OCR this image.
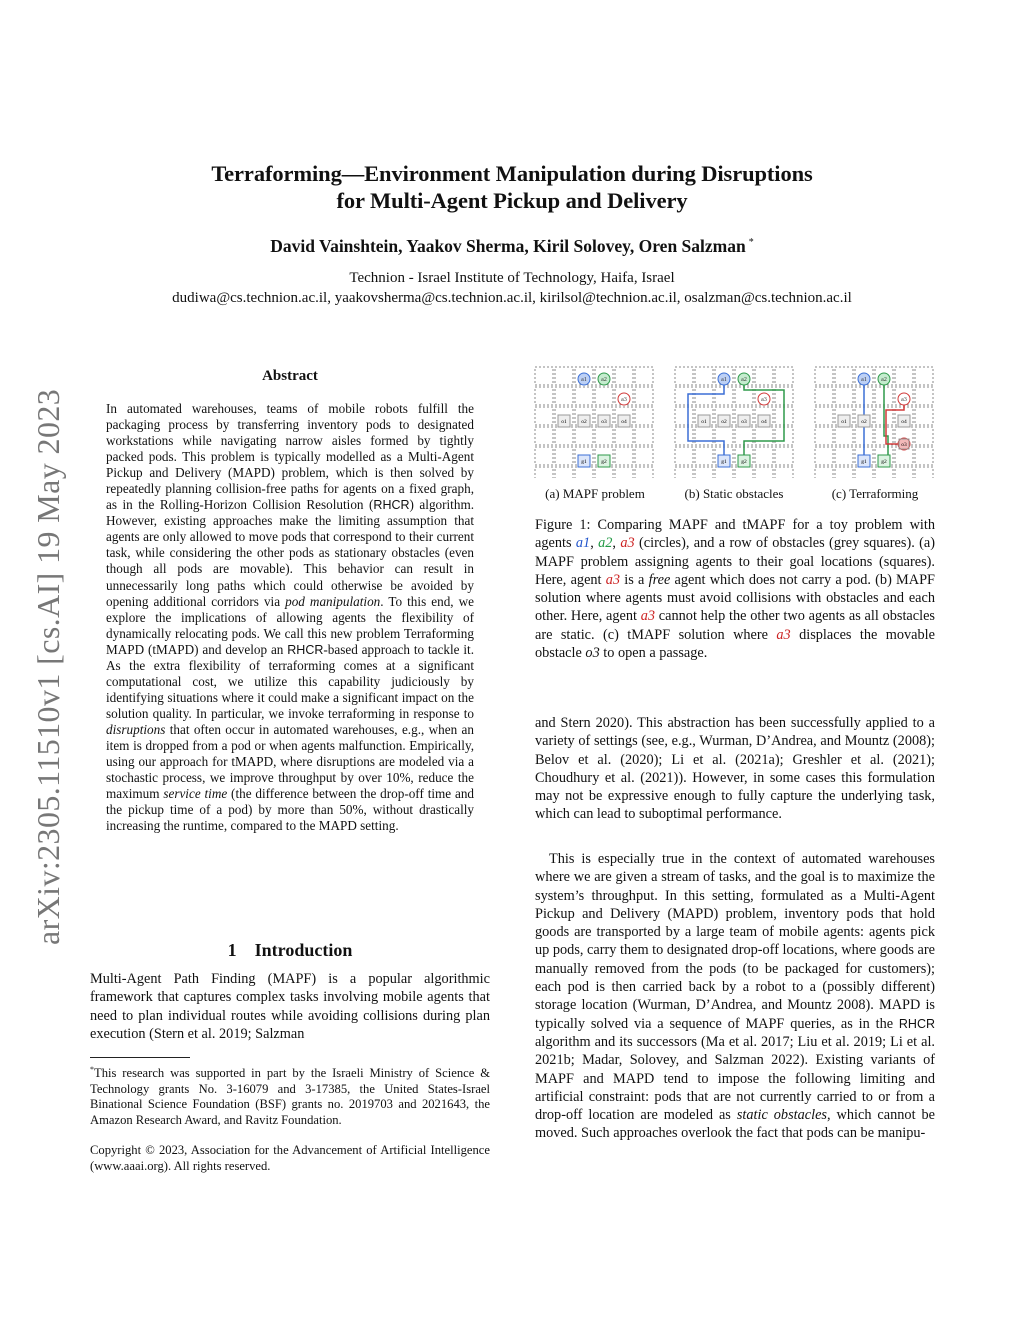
Terraforming—Environment Manipulation during Disruptions
for Multi-Agent Pickup and Delivery
David Vainshtein, Yaakov Sherma, Kiril Solovey, Oren Salzman *
Technion - Israel Institute of Technology, Haifa, Israel
dudiwa@cs.technion.ac.il, yaakovsherma@cs.technion.ac.il, kirilsol@technion.ac.il, osalzman@cs.technion.ac.il
arXiv:2305.11510v1 [cs.AI] 19 May 2023
Abstract
In automated warehouses, teams of mobile robots fulfill the packaging process by transferring inventory pods to designated workstations while navigating narrow aisles formed by tightly packed pods. This problem is typically modelled as a Multi-Agent Pickup and Delivery (MAPD) problem, which is then solved by repeatedly planning collision-free paths for agents on a fixed graph, as in the Rolling-Horizon Collision Resolution (RHCR) algorithm. However, existing approaches make the limiting assumption that agents are only allowed to move pods that correspond to their current task, while considering the other pods as stationary obstacles (even though all pods are movable). This behavior can result in unnecessarily long paths which could otherwise be avoided by opening additional corridors via pod manipulation. To this end, we explore the implications of allowing agents the flexibility of dynamically relocating pods. We call this new problem Terraforming MAPD (tMAPD) and develop an RHCR-based approach to tackle it. As the extra flexibility of terraforming comes at a significant computational cost, we utilize this capability judiciously by identifying situations where it could make a significant impact on the solution quality. In particular, we invoke terraforming in response to disruptions that often occur in automated warehouses, e.g., when an item is dropped from a pod or when agents malfunction. Empirically, using our approach for tMAPD, where disruptions are modeled via a stochastic process, we improve throughput by over 10%, reduce the maximum service time (the difference between the drop-off time and the pickup time of a pod) by more than 50%, without drastically increasing the runtime, compared to the MAPD setting.
1 Introduction
Multi-Agent Path Finding (MAPF) is a popular algorithmic framework that captures complex tasks involving mobile agents that need to plan individual routes while avoiding collisions during plan execution (Stern et al. 2019; Salzman
*This research was supported in part by the Israeli Ministry of Science & Technology grants No. 3-16079 and 3-17385, the United States-Israel Binational Science Foundation (BSF) grants no. 2019703 and 2021643, the Amazon Research Award, and Ravitz Foundation.
Copyright © 2023, Association for the Advancement of Artificial Intelligence (www.aaai.org). All rights reserved.
a1 a2
a3
o1	o2	o3	o4
g1	g2
a1 a2
a3
o1	o2	o3	o4
g1	g2
a1 a2
a3
o1	o2	o4
o3
g1	g2
(a) MAPF problem	(b) Static obstacles	(c) Terraforming
Figure 1: Comparing MAPF and tMAPF for a toy problem with agents a1, a2, a3 (circles), and a row of obstacles (grey squares). (a) MAPF problem assigning agents to their goal locations (squares). Here, agent a3 is a free agent which does not carry a pod. (b) MAPF solution where agents must avoid collisions with obstacles and each other. Here, agent a3 cannot help the other two agents as all obstacles are static. (c) tMAPF solution where a3 displaces the movable obstacle o3 to open a passage.
and Stern 2020). This abstraction has been successfully applied to a variety of settings (see, e.g., Wurman, D’Andrea, and Mountz (2008); Belov et al. (2020); Li et al. (2021a); Greshler et al. (2021); Choudhury et al. (2021)). However, in some cases this formulation may not be expressive enough to fully capture the underlying task, which can lead to suboptimal performance.
This is especially true in the context of automated warehouses where we are given a stream of tasks, and the goal is to maximize the system’s throughput. In this setting, formulated as a Multi-Agent Pickup and Delivery (MAPD) problem, inventory pods that hold goods are transported by a large team of mobile agents: agents pick up pods, carry them to designated drop-off locations, where goods are manually removed from the pods (to be packaged for customers); each pod is then carried back by a robot to a (possibly different) storage location (Wurman, D’Andrea, and Mountz 2008). MAPD is typically solved via a sequence of MAPF queries, as in the RHCR algorithm and its successors (Ma et al. 2017; Liu et al. 2019; Li et al. 2021b; Madar, Solovey, and Salzman 2022). Existing variants of MAPF and MAPD tend to impose the following limiting and artificial constraint: pods that are not currently carried to or from a drop-off location are modeled as static obstacles, which cannot be moved. Such approaches overlook the fact that pods can be manipu-
